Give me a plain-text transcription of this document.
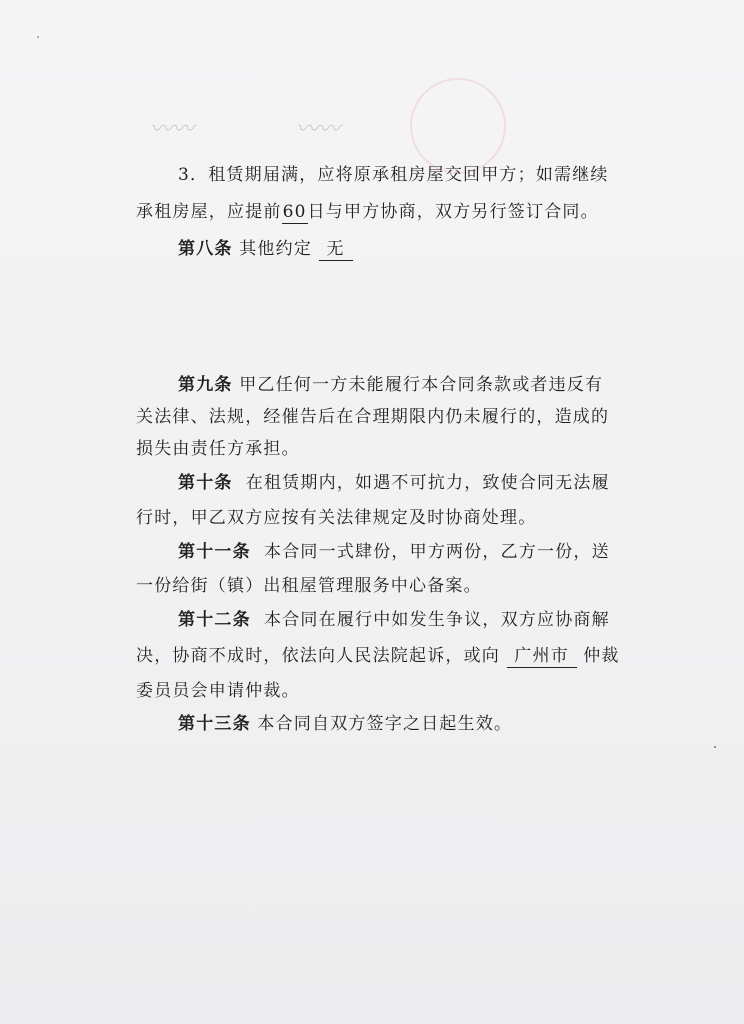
〰〰	〰〰
3．租赁期届满，应将原承租房屋交回甲方；如需继续
承租房屋，应提前60日与甲方协商，双方另行签订合同。
第八条 其他约定 无
第九条 甲乙任何一方未能履行本合同条款或者违反有
关法律、法规，经催告后在合理期限内仍未履行的，造成的
损失由责任方承担。
第十条 在租赁期内，如遇不可抗力，致使合同无法履
行时，甲乙双方应按有关法律规定及时协商处理。
第十一条 本合同一式肆份，甲方两份，乙方一份，送
一份给街（镇）出租屋管理服务中心备案。
第十二条 本合同在履行中如发生争议，双方应协商解
决，协商不成时，依法向人民法院起诉，或向 广州市 仲裁
委员员会申请仲裁。
第十三条 本合同自双方签字之日起生效。
